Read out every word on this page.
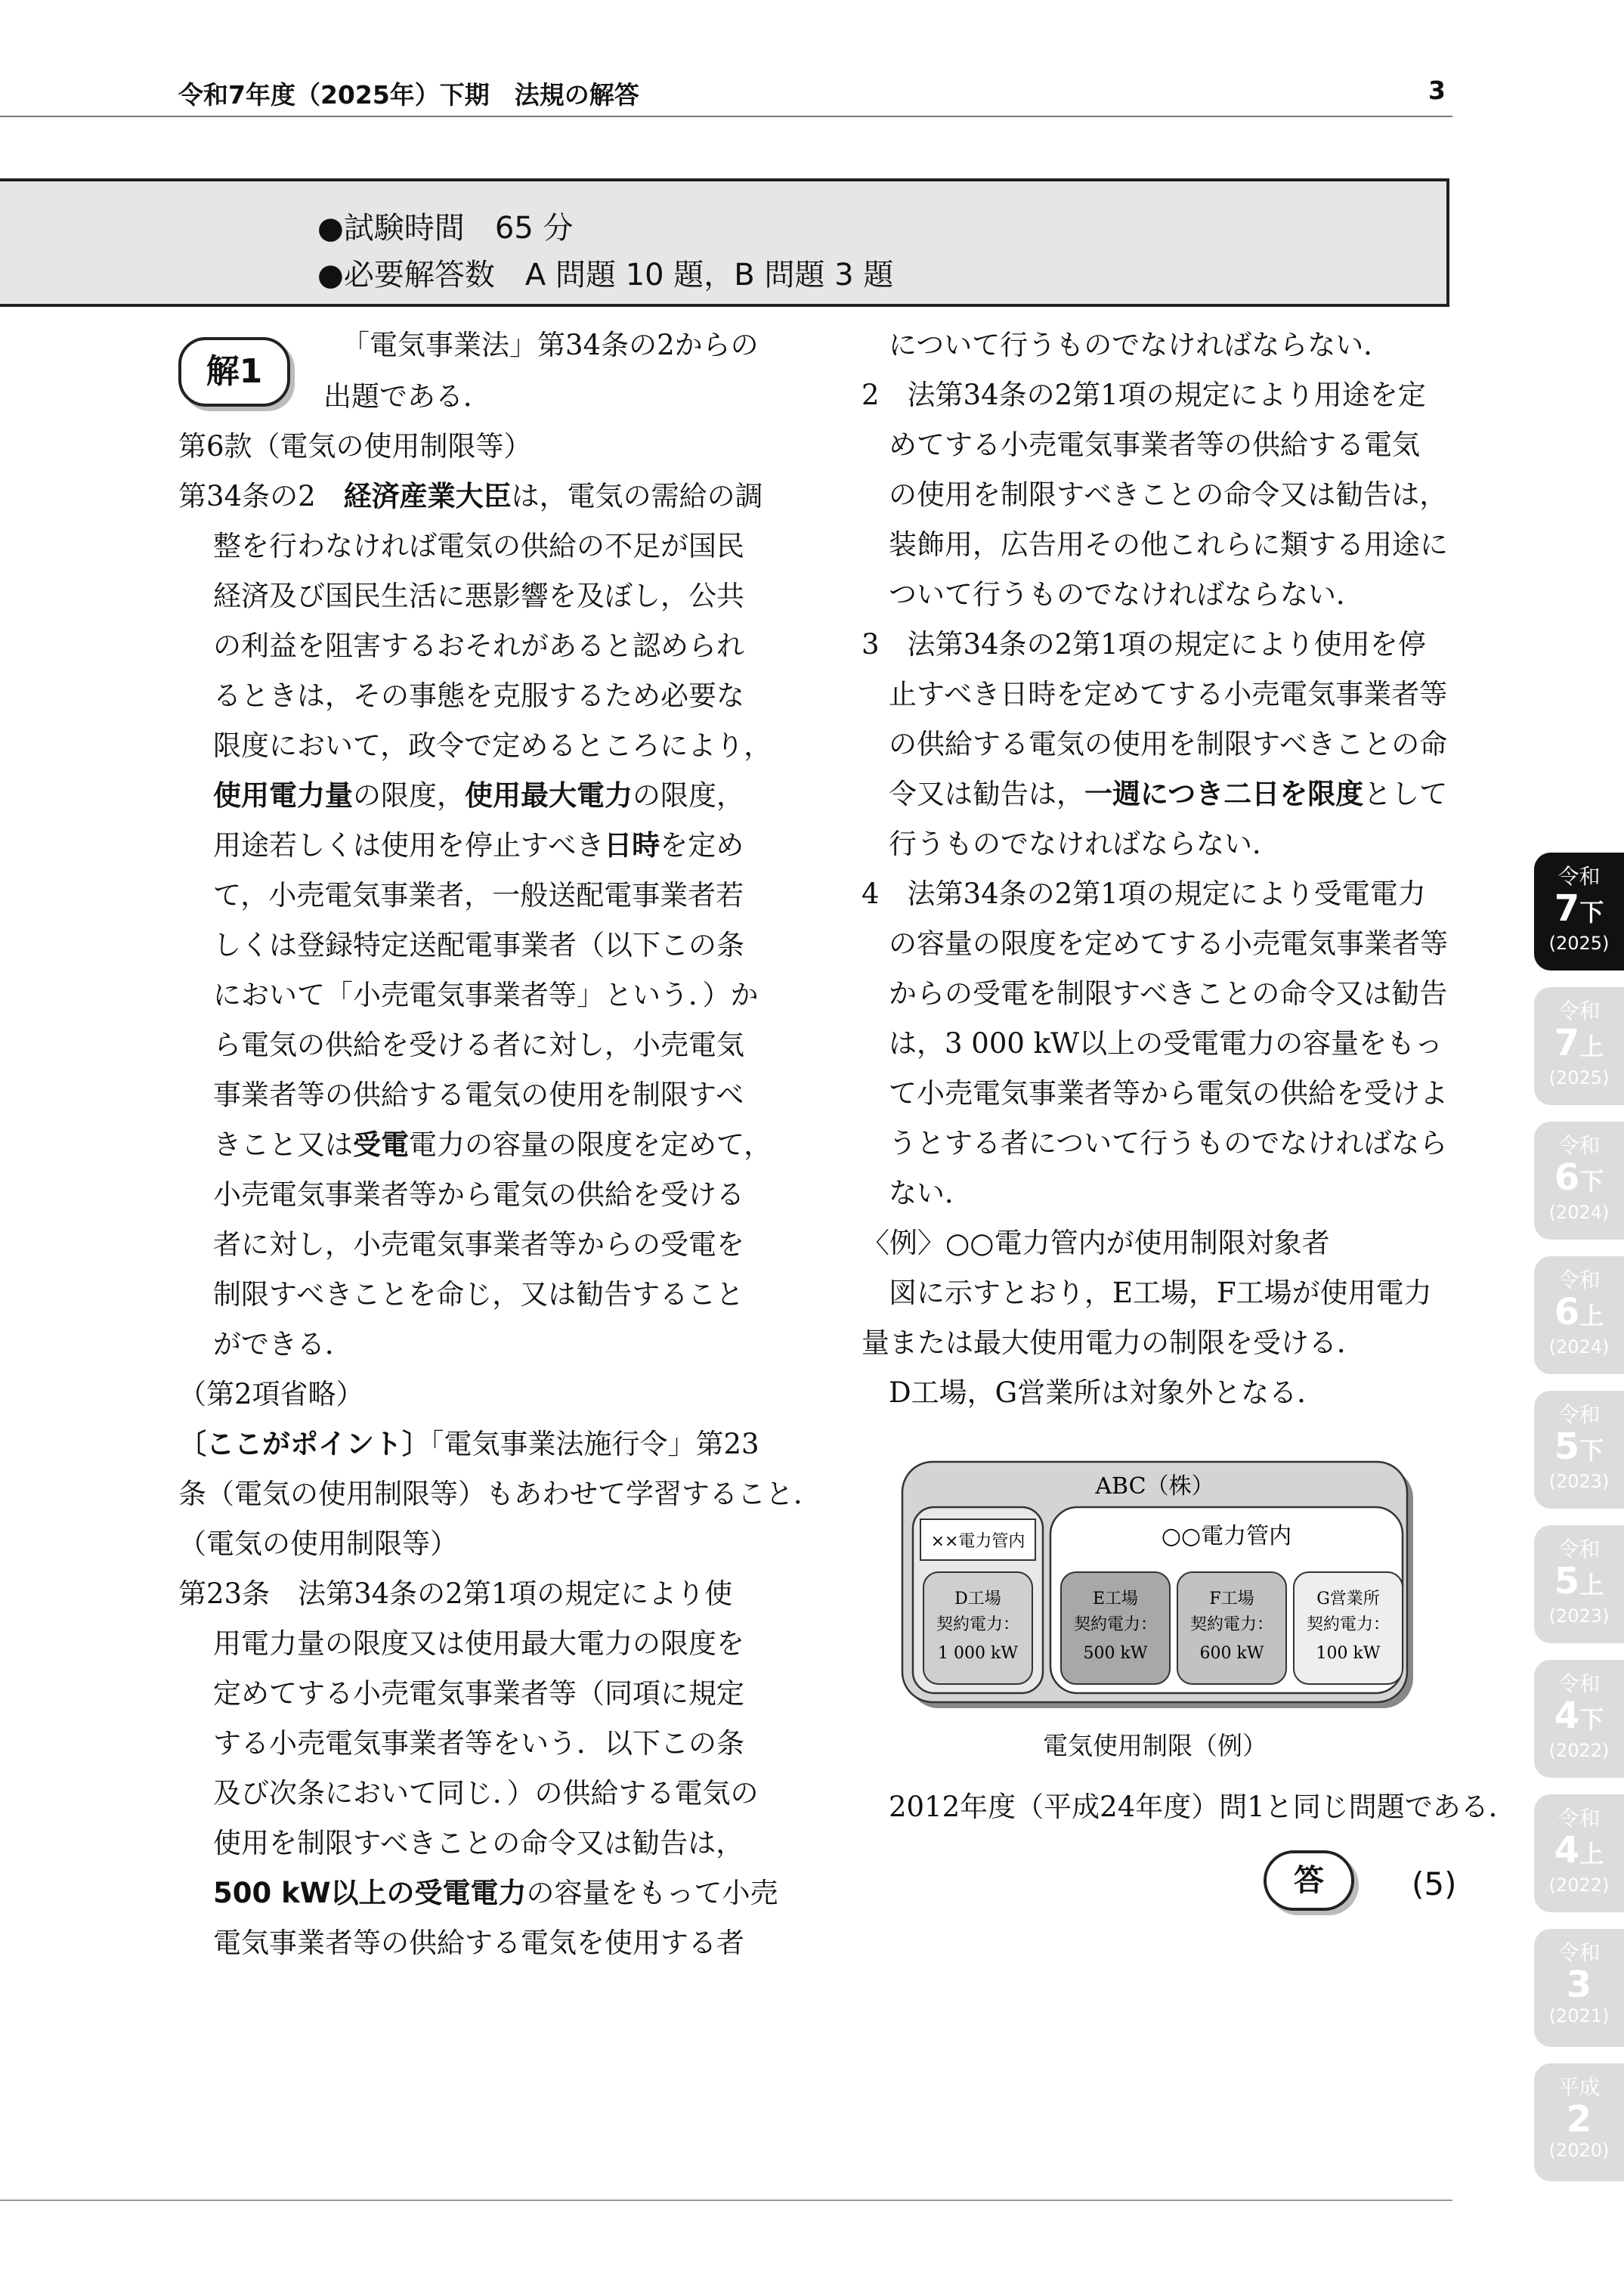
令和7年度（2025年）下期　法規の解答	3
●試験時間　65 分
●必要解答数　A 問題 10 題，B 問題 3 題
解1
「電気事業法」第34条の2からの
出題である．
第6款（電気の使用制限等）
第34条の2　経済産業大臣は，電気の需給の調
整を行わなければ電気の供給の不足が国民
経済及び国民生活に悪影響を及ぼし，公共
の利益を阻害するおそれがあると認められ
るときは，その事態を克服するため必要な
限度において，政令で定めるところにより，
使用電力量の限度，使用最大電力の限度，
用途若しくは使用を停止すべき日時を定め
て，小売電気事業者，一般送配電事業者若
しくは登録特定送配電事業者（以下この条
において「小売電気事業者等」という．）か
ら電気の供給を受ける者に対し，小売電気
事業者等の供給する電気の使用を制限すべ
きこと又は受電電力の容量の限度を定めて，
小売電気事業者等から電気の供給を受ける
者に対し，小売電気事業者等からの受電を
制限すべきことを命じ，又は勧告すること
ができる．
（第2項省略）
〔ここがポイント〕「電気事業法施行令」第23
条（電気の使用制限等）もあわせて学習すること．
（電気の使用制限等）
第23条　法第34条の2第1項の規定により使
用電力量の限度又は使用最大電力の限度を
定めてする小売電気事業者等（同項に規定
する小売電気事業者等をいう．以下この条
及び次条において同じ．）の供給する電気の
使用を制限すべきことの命令又は勧告は，
500 kW以上の受電電力の容量をもって小売
電気事業者等の供給する電気を使用する者
について行うものでなければならない．
2　法第34条の2第1項の規定により用途を定
めてする小売電気事業者等の供給する電気
の使用を制限すべきことの命令又は勧告は，
装飾用，広告用その他これらに類する用途に
ついて行うものでなければならない．
3　法第34条の2第1項の規定により使用を停
止すべき日時を定めてする小売電気事業者等
の供給する電気の使用を制限すべきことの命
令又は勧告は，一週につき二日を限度として
行うものでなければならない．
4　法第34条の2第1項の規定により受電電力
の容量の限度を定めてする小売電気事業者等
からの受電を制限すべきことの命令又は勧告
は，3 000 kW以上の受電電力の容量をもっ
て小売電気事業者等から電気の供給を受けよ
うとする者について行うものでなければなら
ない．
〈例〉○○電力管内が使用制限対象者
図に示すとおり，E工場，F工場が使用電力
量または最大使用電力の制限を受ける．
D工場，G営業所は対象外となる．
ABC（株）
××電力管内	○○電力管内
D工場
契約電力：
1 000 kW
E工場
契約電力：
500 kW
F工場
契約電力：
600 kW
G営業所
契約電力：
100 kW
電気使用制限（例）
2012年度（平成24年度）問1と同じ問題である．
答	(5)
令和
7下
(2025)
令和
7上
(2025)
令和
6下
(2024)
令和
6上
(2024)
令和
5下
(2023)
令和
5上
(2023)
令和
4下
(2022)
令和
4上
(2022)
令和
3
(2021)
平成
2
(2020)
